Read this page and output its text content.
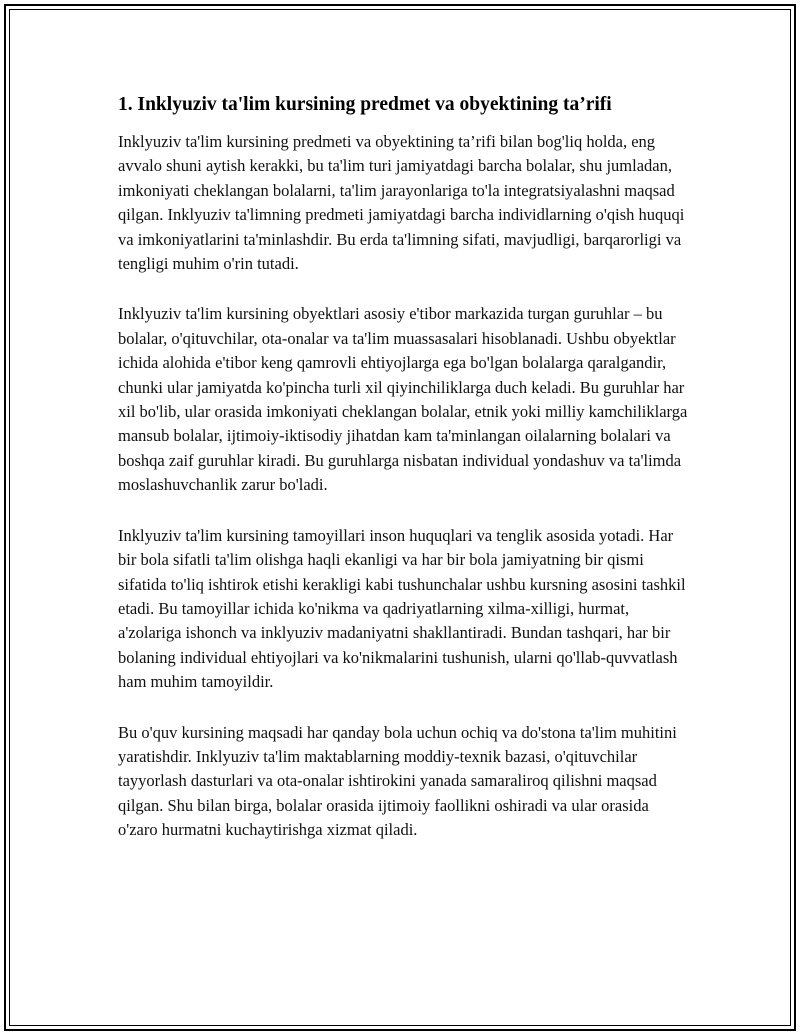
1. Inklyuziv ta'lim kursining predmet va obyektining ta’rifi

Inklyuziv ta'lim kursining predmeti va obyektining ta’rifi bilan bog'liq holda, eng avvalo shuni aytish kerakki, bu ta'lim turi jamiyatdagi barcha bolalar, shu jumladan, imkoniyati cheklangan bolalarni, ta'lim jarayonlariga to'la integratsiyalashni maqsad qilgan. Inklyuziv ta'limning predmeti jamiyatdagi barcha individlarning o'qish huquqi va imkoniyatlarini ta'minlashdir. Bu erda ta'limning sifati, mavjudligi, barqarorligi va tengligi muhim o'rin tutadi.

Inklyuziv ta'lim kursining obyektlari asosiy e'tibor markazida turgan guruhlar – bu bolalar, o'qituvchilar, ota-onalar va ta'lim muassasalari hisoblanadi. Ushbu obyektlar ichida alohida e'tibor keng qamrovli ehtiyojlarga ega bo'lgan bolalarga qaralgandir, chunki ular jamiyatda ko'pincha turli xil qiyinchiliklarga duch keladi. Bu guruhlar har xil bo'lib, ular orasida imkoniyati cheklangan bolalar, etnik yoki milliy kamchiliklarga mansub bolalar, ijtimoiy-iktisodiy jihatdan kam ta'minlangan oilalarning bolalari va boshqa zaif guruhlar kiradi. Bu guruhlarga nisbatan individual yondashuv va ta'limda moslashuvchanlik zarur bo'ladi.

Inklyuziv ta'lim kursining tamoyillari inson huquqlari va tenglik asosida yotadi. Har bir bola sifatli ta'lim olishga haqli ekanligi va har bir bola jamiyatning bir qismi sifatida to'liq ishtirok etishi kerakligi kabi tushunchalar ushbu kursning asosini tashkil etadi. Bu tamoyillar ichida ko'nikma va qadriyatlarning xilma-xilligi, hurmat, a'zolariga ishonch va inklyuziv madaniyatni shakllantiradi. Bundan tashqari, har bir bolaning individual ehtiyojlari va ko'nikmalarini tushunish, ularni qo'llab-quvvatlash ham muhim tamoyildir.

Bu o'quv kursining maqsadi har qanday bola uchun ochiq va do'stona ta'lim muhitini yaratishdir. Inklyuziv ta'lim maktablarning moddiy-texnik bazasi, o'qituvchilar tayyorlash dasturlari va ota-onalar ishtirokini yanada samaraliroq qilishni maqsad qilgan. Shu bilan birga, bolalar orasida ijtimoiy faollikni oshiradi va ular orasida o'zaro hurmatni kuchaytirishga xizmat qiladi.
